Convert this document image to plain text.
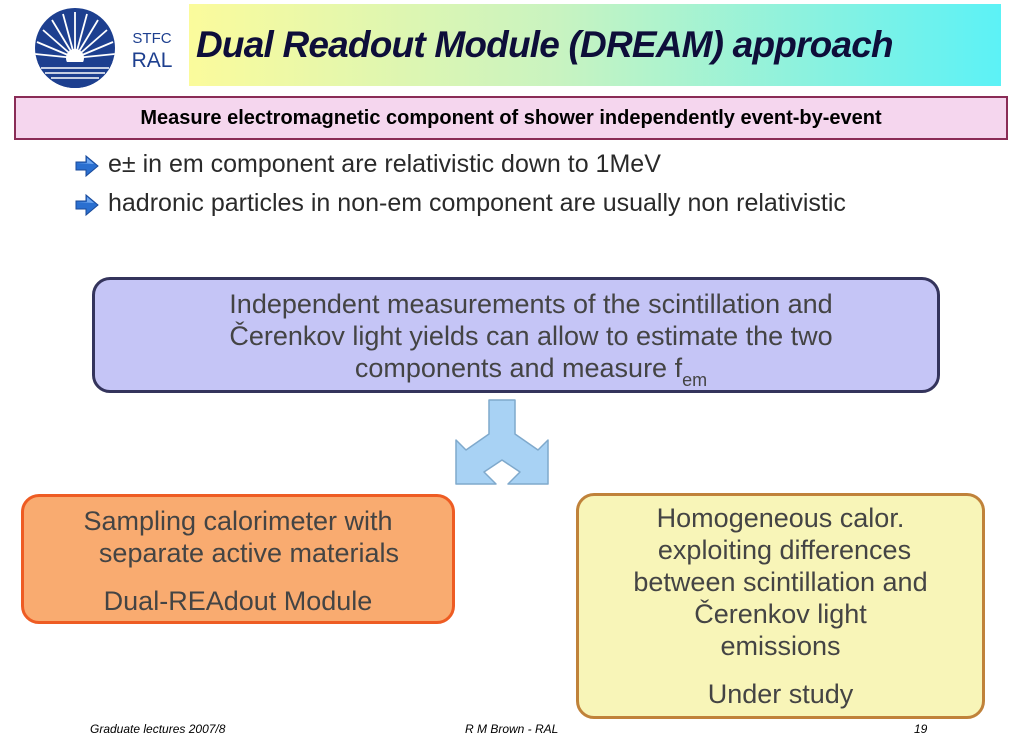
STFC
RAL Dual Readout Module (DREAM) approach
Measure electromagnetic component of shower independently event-by-event
e± in em component are relativistic down to 1MeV
hadronic particles in non-em component are usually non relativistic
Independent measurements of the scintillation and
Čerenkov light yields can allow to estimate the two
components and measure $f_{em}$
Sampling calorimeter with
separate active materials
Dual-REAdout Module
Homogeneous calor.
exploiting differences
between scintillation and
Čerenkov light
emissions
Under study
Graduate lectures 2007/8	R M Brown - RAL	19
